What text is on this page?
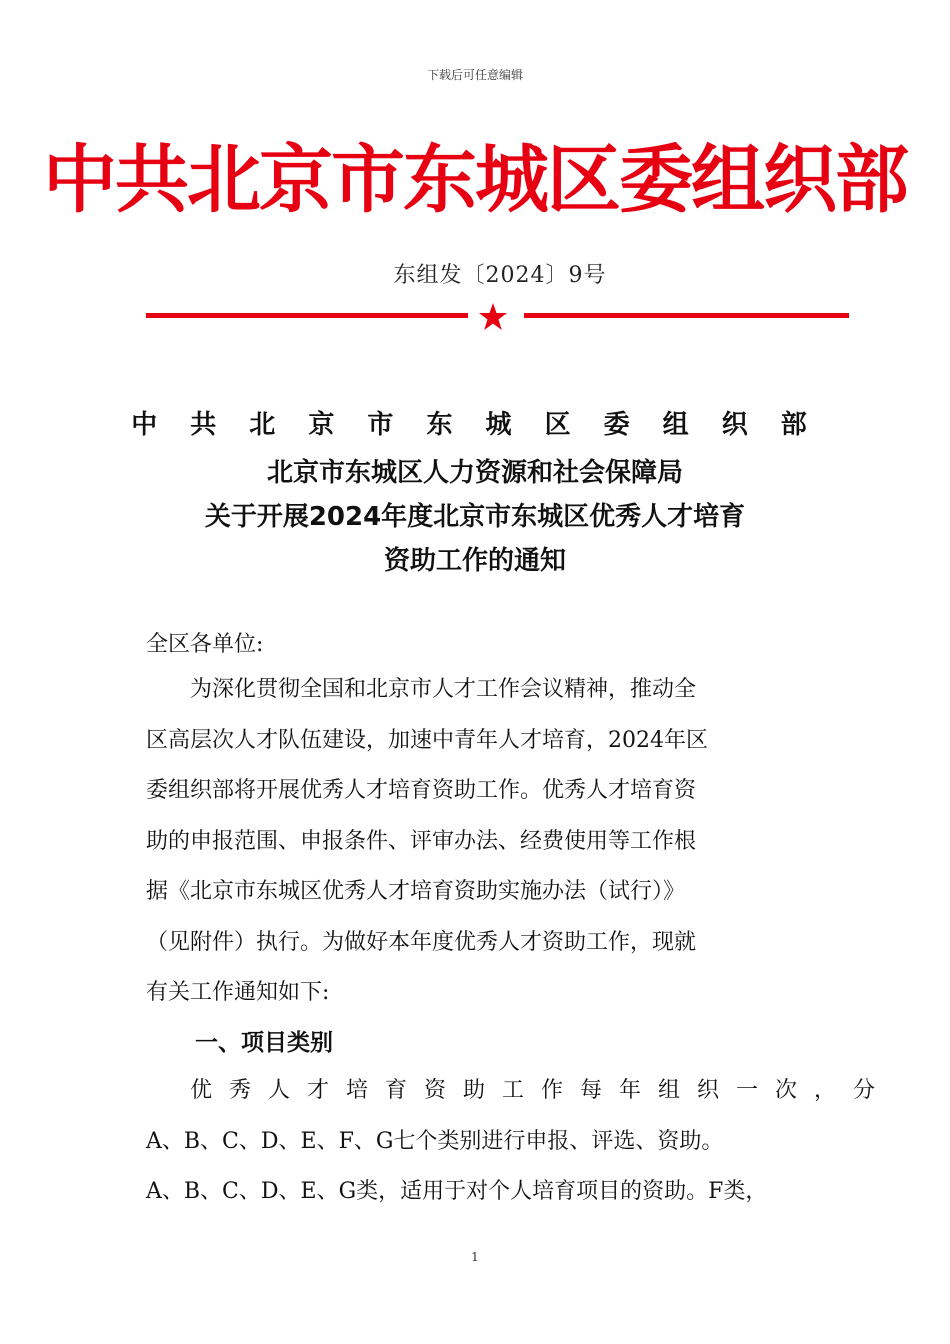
下载后可任意编辑
中共北京市东城区委组织部
东组发〔2024〕9号
中 共 北 京 市 东 城 区 委 组 织 部
北京市东城区人力资源和社会保障局
关于开展2024年度北京市东城区优秀人才培育
资助工作的通知
全区各单位:
为深化贯彻全国和北京市人才工作会议精神，推动全
区高层次人才队伍建设，加速中青年人才培育，2024年区
委组织部将开展优秀人才培育资助工作。优秀人才培育资
助的申报范围、申报条件、评审办法、经费使用等工作根
据《北京市东城区优秀人才培育资助实施办法（试行）》
（见附件）执行。为做好本年度优秀人才资助工作，现就
有关工作通知如下:
一、项目类别
优秀人才培育资助工作每年组织一次，分
A、B、C、D、E、F、G七个类别进行申报、评选、资助。
A、B、C、D、E、G类，适用于对个人培育项目的资助。F类，
1
